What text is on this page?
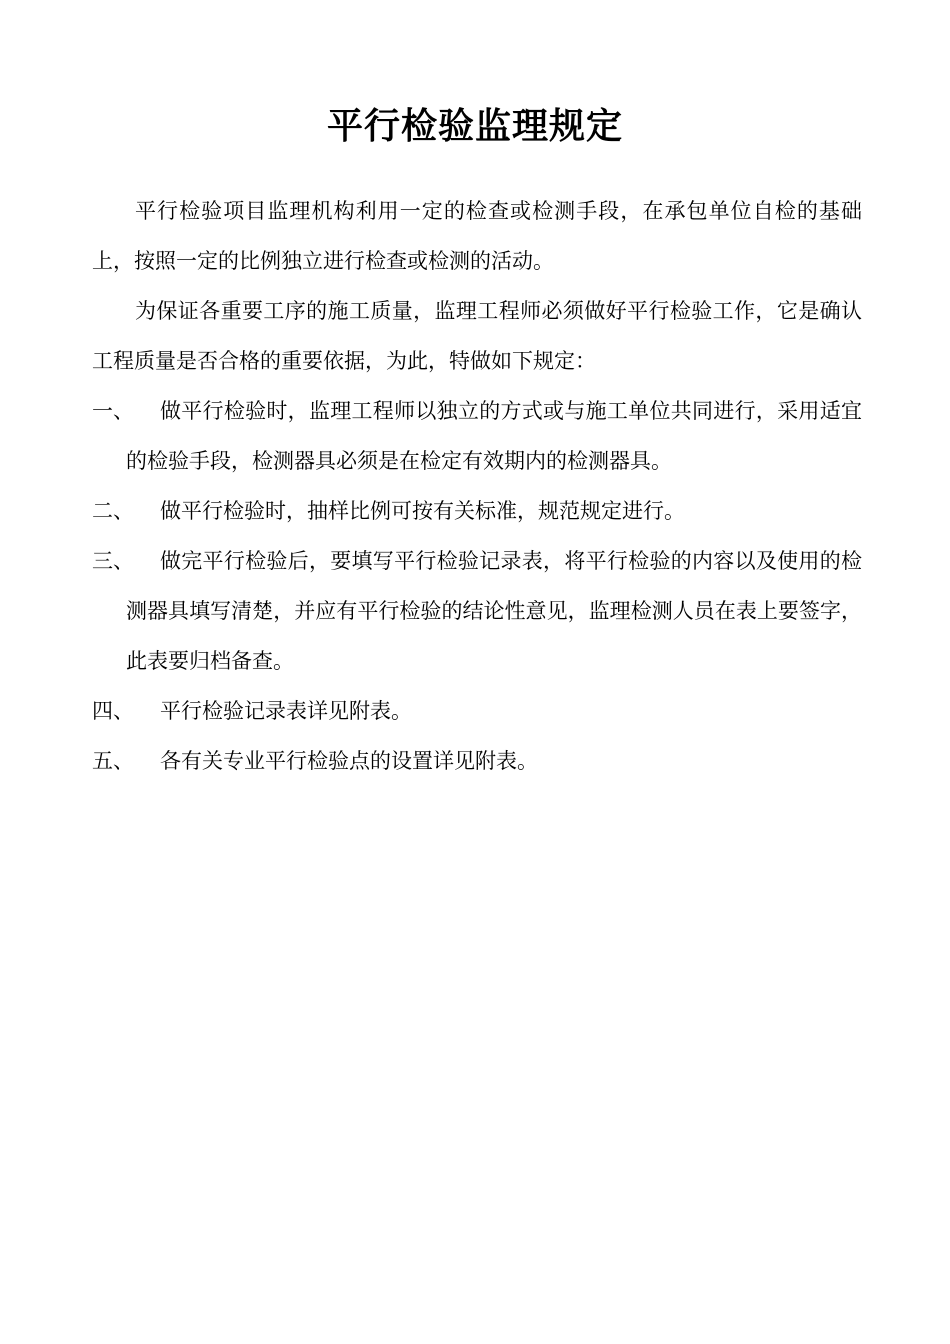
平行检验监理规定

平行检验项目监理机构利用一定的检查或检测手段，在承包单位自检的基础上，按照一定的比例独立进行检查或检测的活动。

为保证各重要工序的施工质量，监理工程师必须做好平行检验工作，它是确认工程质量是否合格的重要依据，为此，特做如下规定：

一、	做平行检验时，监理工程师以独立的方式或与施工单位共同进行，采用适宜的检验手段，检测器具必须是在检定有效期内的检测器具。
二、	做平行检验时，抽样比例可按有关标准，规范规定进行。
三、	做完平行检验后，要填写平行检验记录表，将平行检验的内容以及使用的检测器具填写清楚，并应有平行检验的结论性意见，监理检测人员在表上要签字，此表要归档备查。
四、	平行检验记录表详见附表。
五、	各有关专业平行检验点的设置详见附表。
